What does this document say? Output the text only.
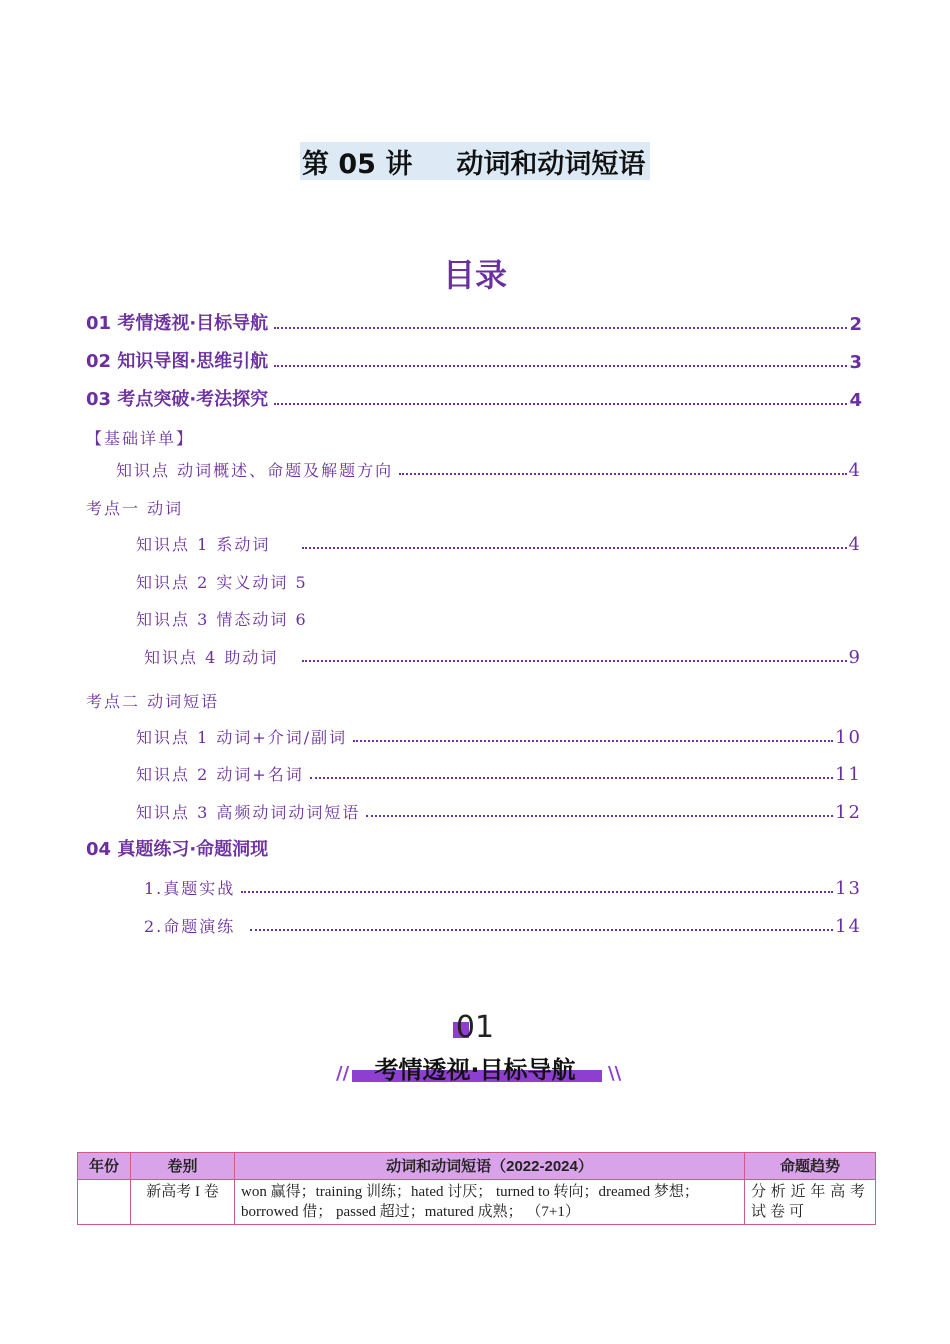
第 05 讲 动词和动词短语
目录
01 考情透视·目标导航	2
02 知识导图·思维引航	3
03 考点突破·考法探究	4
【基础详单】
知识点 动词概述、命题及解题方向	4
考点一 动词
知识点 1 系动词	4
知识点 2 实义动词 5
知识点 3 情态动词 6
知识点 4 助动词	9
考点二 动词短语
知识点 1 动词+介词/副词	10
知识点 2 动词+名词	11
知识点 3 高频动词动词短语	12
04 真题练习·命题洞现
1.真题实战	13
2.命题演练	14
01
考情透视·目标导航
//	\\
年份	卷别	动词和动词短语（2022-2024）	命题趋势
	新高考 I 卷	won 赢得；training 训练；hated 讨厌； turned to 转向；dreamed 梦想；borrowed 借； passed 超过；matured 成熟； （7+1）	分析近年高考试卷可
